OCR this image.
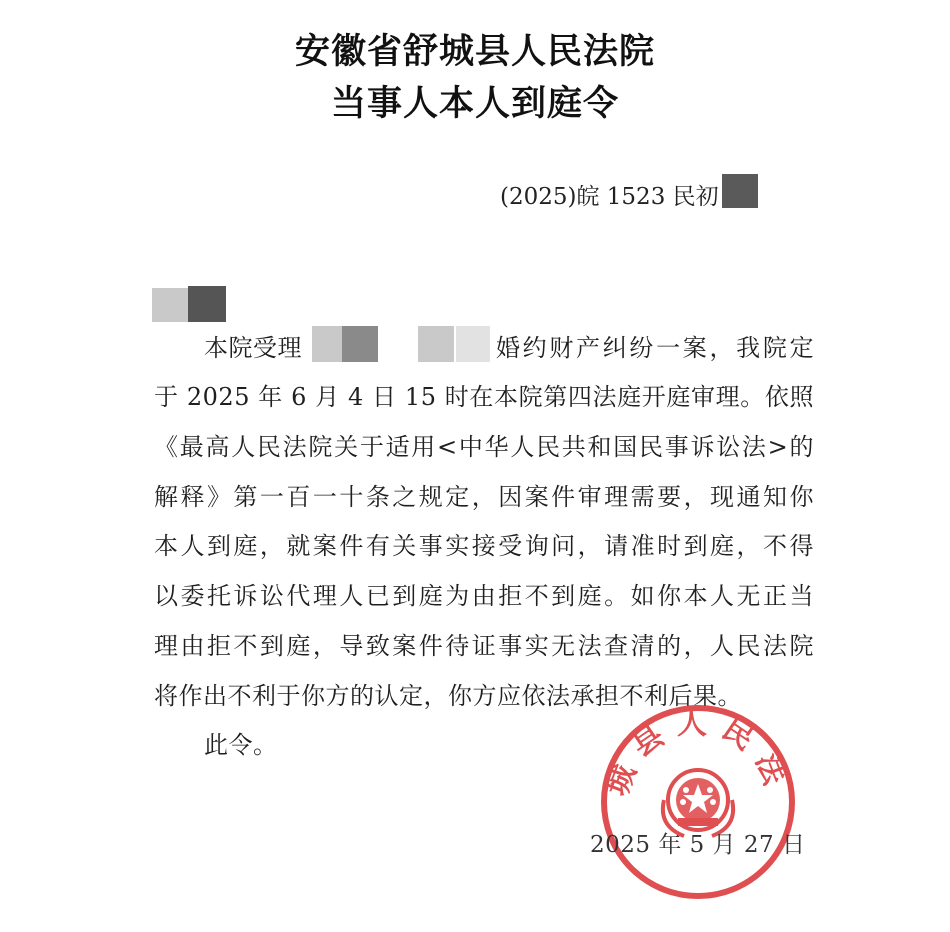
安徽省舒城县人民法院
当事人本人到庭令
(2025)皖 1523 民初
本院受理	婚约财产纠纷一案，我院定
于 2025 年 6 月 4 日 15 时在本院第四法庭开庭审理。依照
《最高人民法院关于适用<中华人民共和国民事诉讼法>的
解释》第一百一十条之规定，因案件审理需要，现通知你
本人到庭，就案件有关事实接受询问，请准时到庭，不得
以委托诉讼代理人已到庭为由拒不到庭。如你本人无正当
理由拒不到庭，导致案件待证事实无法查清的，人民法院
将作出不利于你方的认定，你方应依法承担不利后果。
此令。
城县人民法
2025 年 5 月 27 日
